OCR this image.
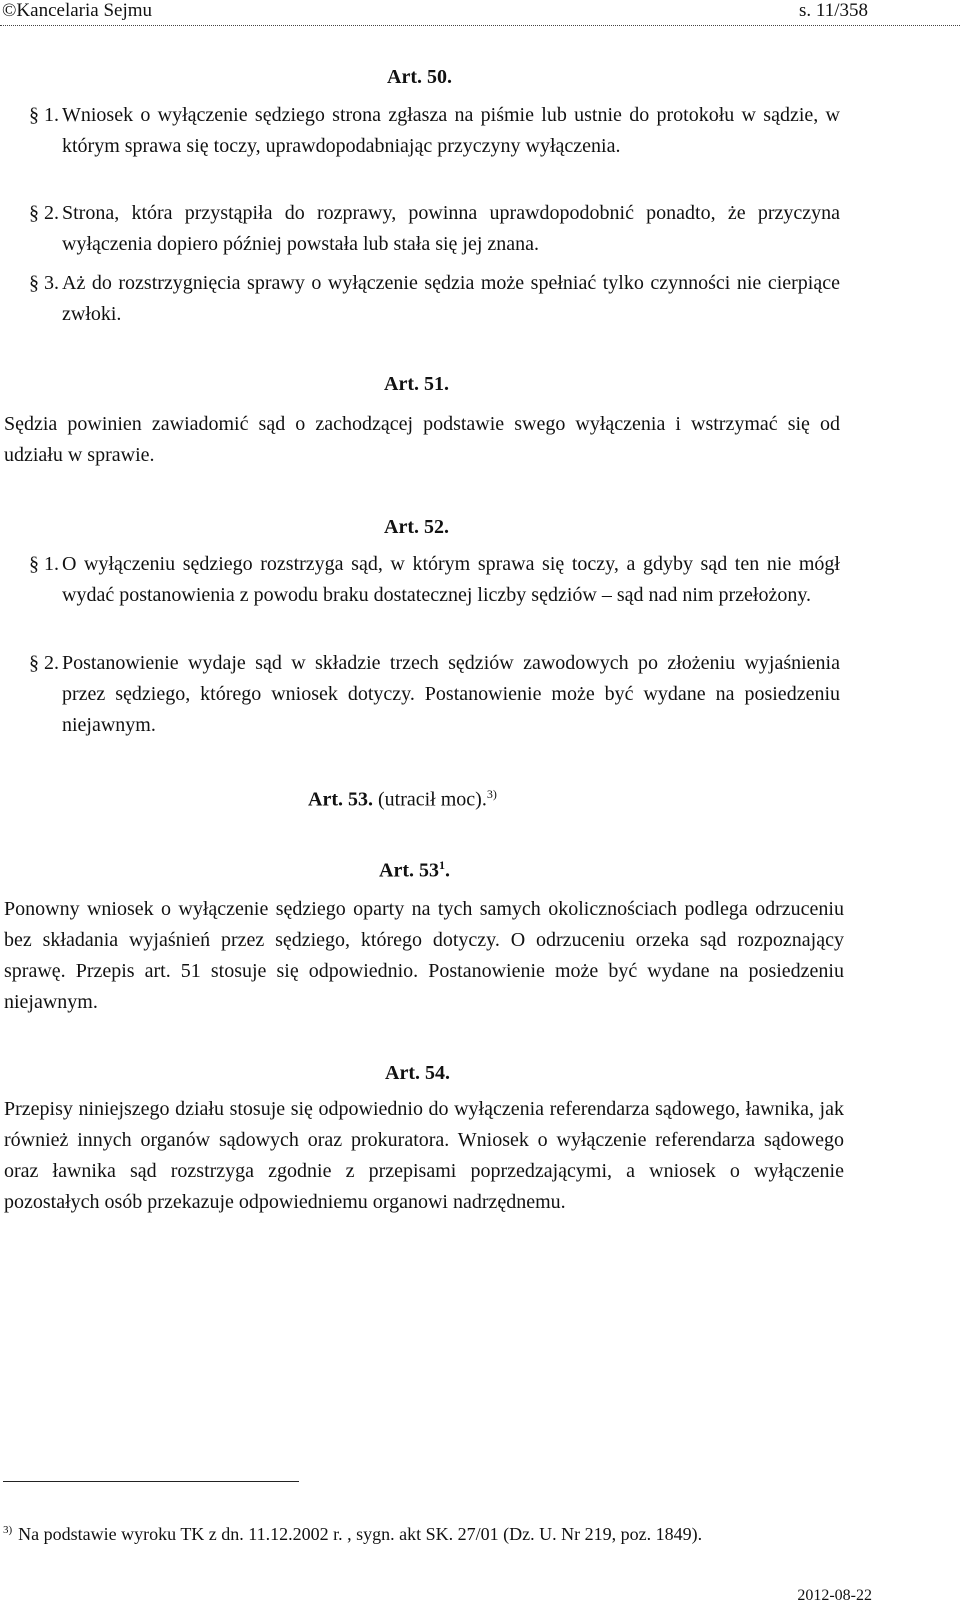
©Kancelaria Sejmu	s. 11/358
Art. 50.
§ 1. Wniosek o wyłączenie sędziego strona zgłasza na piśmie lub ustnie do protokołu w sądzie, w którym sprawa się toczy, uprawdopodabniając przyczyny wyłączenia.
§ 2. Strona, która przystąpiła do rozprawy, powinna uprawdopodobnić ponadto, że przyczyna wyłączenia dopiero później powstała lub stała się jej znana.
§ 3. Aż do rozstrzygnięcia sprawy o wyłączenie sędzia może spełniać tylko czynności nie cierpiące zwłoki.
Art. 51.
Sędzia powinien zawiadomić sąd o zachodzącej podstawie swego wyłączenia i wstrzymać się od udziału w sprawie.
Art. 52.
§ 1. O wyłączeniu sędziego rozstrzyga sąd, w którym sprawa się toczy, a gdyby sąd ten nie mógł wydać postanowienia z powodu braku dostatecznej liczby sędziów – sąd nad nim przełożony.
§ 2. Postanowienie wydaje sąd w składzie trzech sędziów zawodowych po złożeniu wyjaśnienia przez sędziego, którego wniosek dotyczy. Postanowienie może być wydane na posiedzeniu niejawnym.
Art. 53. (utracił moc).$^{3)}$
Art. $53^1$.
Ponowny wniosek o wyłączenie sędziego oparty na tych samych okolicznościach podlega odrzuceniu bez składania wyjaśnień przez sędziego, którego dotyczy. O odrzuceniu orzeka sąd rozpoznający sprawę. Przepis art. 51 stosuje się odpowiednio. Postanowienie może być wydane na posiedzeniu niejawnym.
Art. 54.
Przepisy niniejszego działu stosuje się odpowiednio do wyłączenia referendarza sądowego, ławnika, jak również innych organów sądowych oraz prokuratora. Wniosek o wyłączenie referendarza sądowego oraz ławnika sąd rozstrzyga zgodnie z przepisami poprzedzającymi, a wniosek o wyłączenie pozostałych osób przekazuje odpowiedniemu organowi nadrzędnemu.
$^{3)}$ Na podstawie wyroku TK z dn. 11.12.2002 r. , sygn. akt SK. 27/01 (Dz. U. Nr 219, poz. 1849).
2012-08-22
